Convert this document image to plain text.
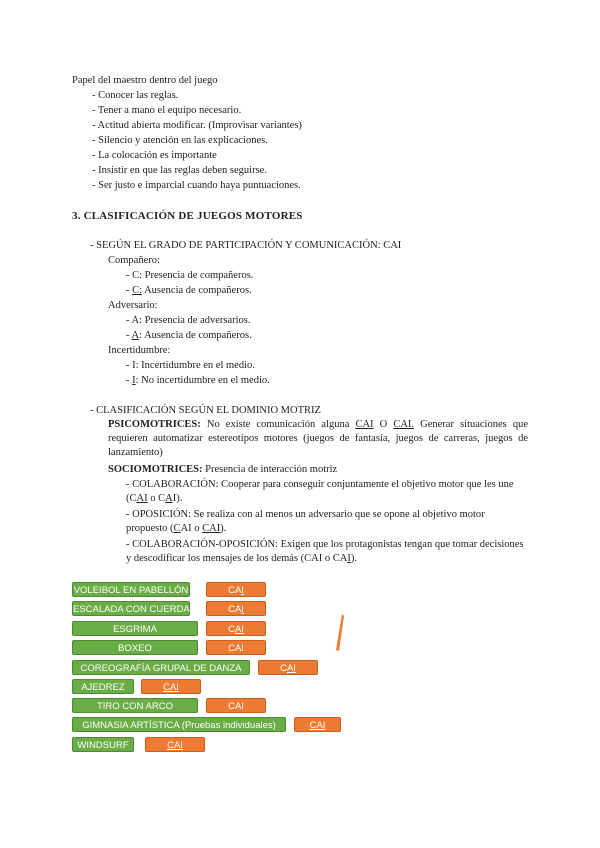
Papel del maestro dentro del juego
- Conocer las reglas.
- Tener a mano el equipo necesario.
- Actitud abierta modificar. (Improvisar variantes)
- Silencio y atención en las explicaciones.
- La colocación es importante
- Insistir en que las reglas deben seguirse.
- Ser justo e imparcial cuando haya puntuaciones.
3. CLASIFICACIÓN DE JUEGOS MOTORES
- SEGÚN EL GRADO DE PARTICIPACIÓN Y COMUNICACIÓN: CAI
Compañero:
- C: Presencia de compañeros.
- C: Ausencia de compañeros.
Adversario:
- A: Presencia de adversarios.
- A: Ausencia de compañeros.
Incertidumbre:
- I: Incertidumbre en el medio.
- I: No incertidumbre en el medio.
- CLASIFICACIÓN SEGÚN EL DOMINIO MOTRIZ
PSICOMOTRICES: No existe comunicación alguna CAI O CAI. Generar situaciones que requieren automatizar estereotipos motores (juegos de fantasía, juegos de carreras, juegos de lanzamiento)
SOCIOMOTRICES: Presencia de interacción motriz
- COLABORACIÓN: Cooperar para conseguir conjuntamente el objetivo motor que les une (CAI o CAI).
- OPOSICIÓN: Se realiza con al menos un adversario que se opone al objetivo motor propuesto (CAI o CAI).
- COLABORACIÓN-OPOSICIÓN: Exigen que los protagonistas tengan que tomar decisiones y descodificar los mensajes de los demás (CAI o CAI).
VOLEIBOL EN PABELLÓN	CAI
ESCALADA CON CUERDA	CAI
ESGRIMA	CAI
BOXEO	CAI
COREOGRAFÍA GRUPAL DE DANZA	CAI
AJEDREZ	CAI
TIRO CON ARCO	CAI
GIMNASIA ARTÍSTICA (Pruebas individuales)	CAI
WINDSURF	CAI
